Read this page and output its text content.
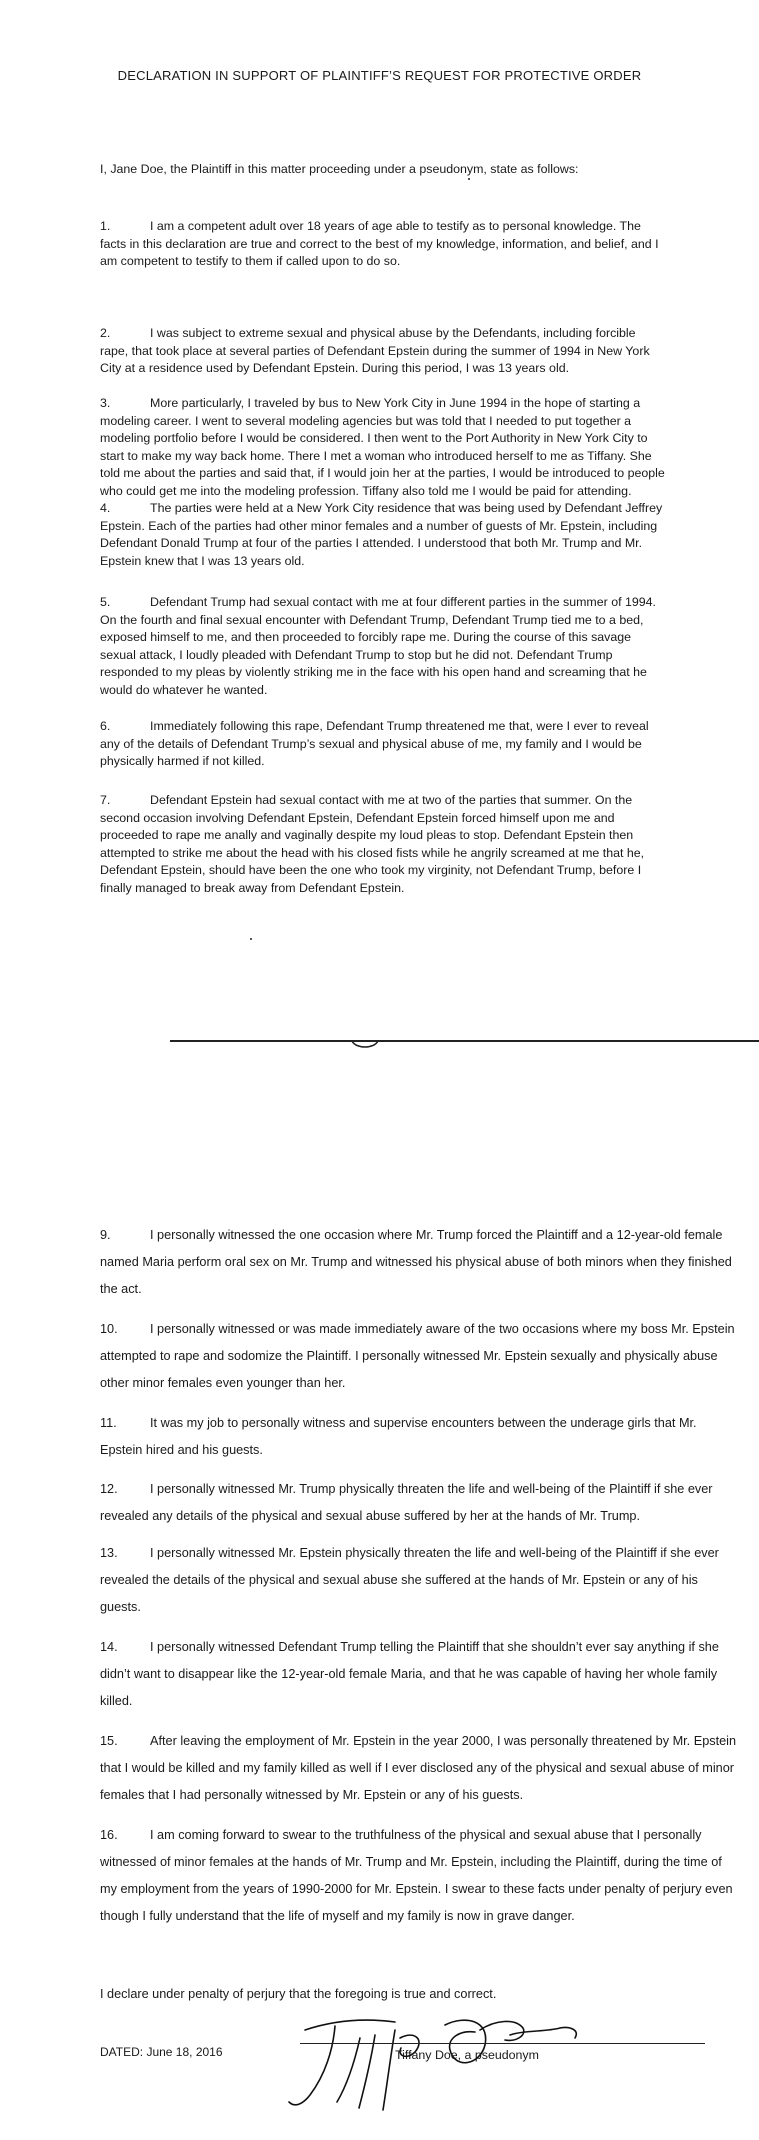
DECLARATION IN SUPPORT OF PLAINTIFF’S REQUEST FOR PROTECTIVE ORDER
I, Jane Doe, the Plaintiff in this matter proceeding under a pseudonym, state as follows:

1.	I am a competent adult over 18 years of age able to testify as to personal knowledge. The facts in this declaration are true and correct to the best of my knowledge, information, and belief, and I am competent to testify to them if called upon to do so.

2.	I was subject to extreme sexual and physical abuse by the Defendants, including forcible rape, that took place at several parties of Defendant Epstein during the summer of 1994 in New York City at a residence used by Defendant Epstein. During this period, I was 13 years old.

3.	More particularly, I traveled by bus to New York City in June 1994 in the hope of starting a modeling career. I went to several modeling agencies but was told that I needed to put together a modeling portfolio before I would be considered. I then went to the Port Authority in New York City to start to make my way back home. There I met a woman who introduced herself to me as Tiffany. She told me about the parties and said that, if I would join her at the parties, I would be introduced to people who could get me into the modeling profession. Tiffany also told me I would be paid for attending.

4.	The parties were held at a New York City residence that was being used by Defendant Jeffrey Epstein. Each of the parties had other minor females and a number of guests of Mr. Epstein, including Defendant Donald Trump at four of the parties I attended. I understood that both Mr. Trump and Mr. Epstein knew that I was 13 years old.

5.	Defendant Trump had sexual contact with me at four different parties in the summer of 1994. On the fourth and final sexual encounter with Defendant Trump, Defendant Trump tied me to a bed, exposed himself to me, and then proceeded to forcibly rape me. During the course of this savage sexual attack, I loudly pleaded with Defendant Trump to stop but he did not. Defendant Trump responded to my pleas by violently striking me in the face with his open hand and screaming that he would do whatever he wanted.

6.	Immediately following this rape, Defendant Trump threatened me that, were I ever to reveal any of the details of Defendant Trump’s sexual and physical abuse of me, my family and I would be physically harmed if not killed.

7.	Defendant Epstein had sexual contact with me at two of the parties that summer. On the second occasion involving Defendant Epstein, Defendant Epstein forced himself upon me and proceeded to rape me anally and vaginally despite my loud pleas to stop. Defendant Epstein then attempted to strike me about the head with his closed fists while he angrily screamed at me that he, Defendant Epstein, should have been the one who took my virginity, not Defendant Trump, before I finally managed to break away from Defendant Epstein.

9.	I personally witnessed the one occasion where Mr. Trump forced the Plaintiff and a 12-year-old female named Maria perform oral sex on Mr. Trump and witnessed his physical abuse of both minors when they finished the act.

10.	I personally witnessed or was made immediately aware of the two occasions where my boss Mr. Epstein attempted to rape and sodomize the Plaintiff. I personally witnessed Mr. Epstein sexually and physically abuse other minor females even younger than her.

11.	It was my job to personally witness and supervise encounters between the underage girls that Mr. Epstein hired and his guests.

12.	I personally witnessed Mr. Trump physically threaten the life and well-being of the Plaintiff if she ever revealed any details of the physical and sexual abuse suffered by her at the hands of Mr. Trump.

13.	I personally witnessed Mr. Epstein physically threaten the life and well-being of the Plaintiff if she ever revealed the details of the physical and sexual abuse she suffered at the hands of Mr. Epstein or any of his guests.

14.	I personally witnessed Defendant Trump telling the Plaintiff that she shouldn’t ever say anything if she didn’t want to disappear like the 12-year-old female Maria, and that he was capable of having her whole family killed.

15.	After leaving the employment of Mr. Epstein in the year 2000, I was personally threatened by Mr. Epstein that I would be killed and my family killed as well if I ever disclosed any of the physical and sexual abuse of minor females that I had personally witnessed by Mr. Epstein or any of his guests.

16.	I am coming forward to swear to the truthfulness of the physical and sexual abuse that I personally witnessed of minor females at the hands of Mr. Trump and Mr. Epstein, including the Plaintiff, during the time of my employment from the years of 1990-2000 for Mr. Epstein. I swear to these facts under penalty of perjury even though I fully understand that the life of myself and my family is now in grave danger.

I declare under penalty of perjury that the foregoing is true and correct.
DATED: June 18, 2016	Tiffany Doe, a pseudonym
